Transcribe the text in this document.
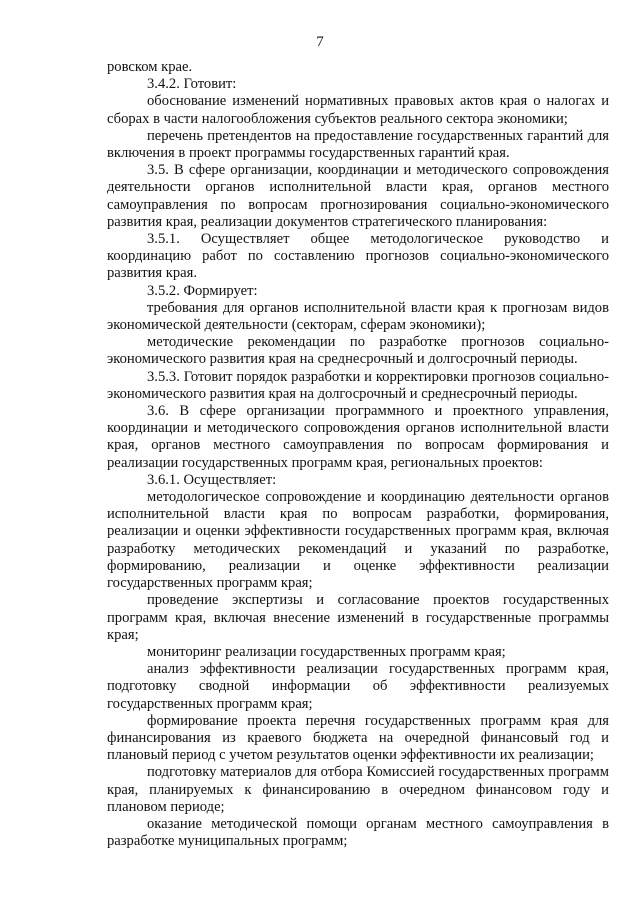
7

ровском крае.

3.4.2. Готовит:

обоснование изменений нормативных правовых актов края о налогах и сборах в части налогообложения субъектов реального сектора экономики;

перечень претендентов на предоставление государственных гарантий для включения в проект программы государственных гарантий края.

3.5. В сфере организации, координации и методического сопровождения деятельности органов исполнительной власти края, органов местного самоуправления по вопросам прогнозирования социально-экономического развития края, реализации документов стратегического планирования:

3.5.1. Осуществляет общее методологическое руководство и координацию работ по составлению прогнозов социально-экономического развития края.

3.5.2. Формирует:

требования для органов исполнительной власти края к прогнозам видов экономической деятельности (секторам, сферам экономики);

методические рекомендации по разработке прогнозов социально-экономического развития края на среднесрочный и долгосрочный периоды.

3.5.3. Готовит порядок разработки и корректировки прогнозов социально-экономического развития края на долгосрочный и среднесрочный периоды.

3.6. В сфере организации программного и проектного управления, координации и методического сопровождения органов исполнительной власти края, органов местного самоуправления по вопросам формирования и реализации государственных программ края, региональных проектов:

3.6.1. Осуществляет:

методологическое сопровождение и координацию деятельности органов исполнительной власти края по вопросам разработки, формирования, реализации и оценки эффективности государственных программ края, включая разработку методических рекомендаций и указаний по разработке, формированию, реализации и оценке эффективности реализации государственных программ края;

проведение экспертизы и согласование проектов государственных программ края, включая внесение изменений в государственные программы края;

мониторинг реализации государственных программ края;

анализ эффективности реализации государственных программ края, подготовку сводной информации об эффективности реализуемых государственных программ края;

формирование проекта перечня государственных программ края для финансирования из краевого бюджета на очередной финансовый год и плановый период с учетом результатов оценки эффективности их реализации;

подготовку материалов для отбора Комиссией государственных программ края, планируемых к финансированию в очередном финансовом году и плановом периоде;

оказание методической помощи органам местного самоуправления в разработке муниципальных программ;
